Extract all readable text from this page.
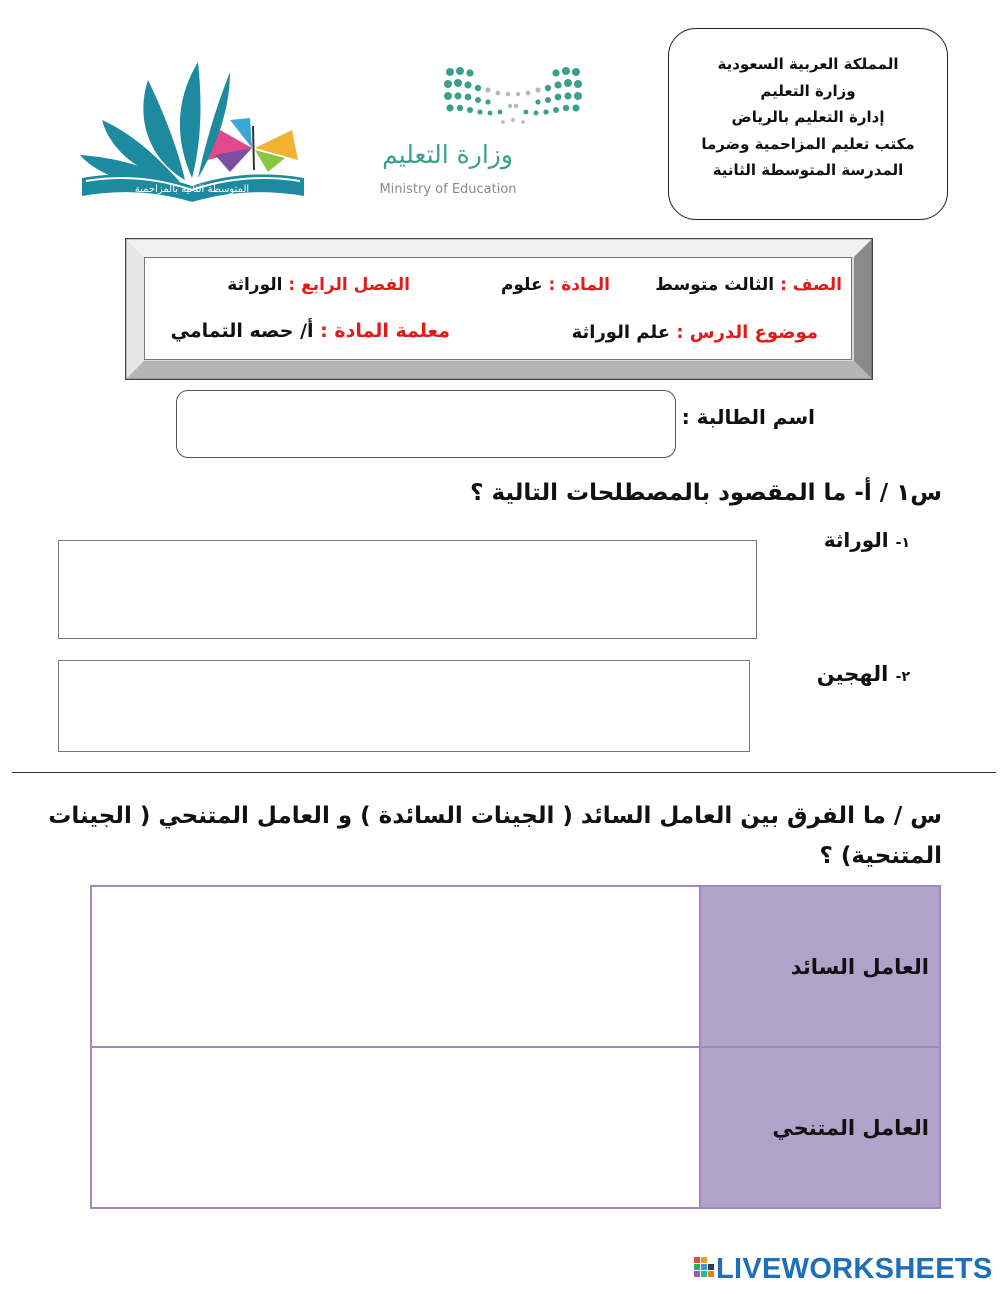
المملكة العربية السعودية
وزارة التعليم
إدارة التعليم بالرياض
مكتب تعليم المزاحمية وضرما
المدرسة المتوسطة الثانية
وزارة التعليم
Ministry of Education
المتوسطة الثانية بالمزاحمية
الصف : الثالث متوسط
المادة : علوم
الفصل الرابع : الوراثة
موضوع الدرس : علم الوراثة
معلمة المادة : أ/ حصه التمامي
اسم الطالبة :
س١ / أ- ما المقصود بالمصطلحات التالية ؟
١- الوراثة
٢- الهجين
س / ما الفرق بين العامل السائد ( الجينات السائدة ) و العامل المتنحي ( الجينات
المتنحية) ؟
	العامل السائد
	العامل المتنحي
LIVEWORKSHEETS
